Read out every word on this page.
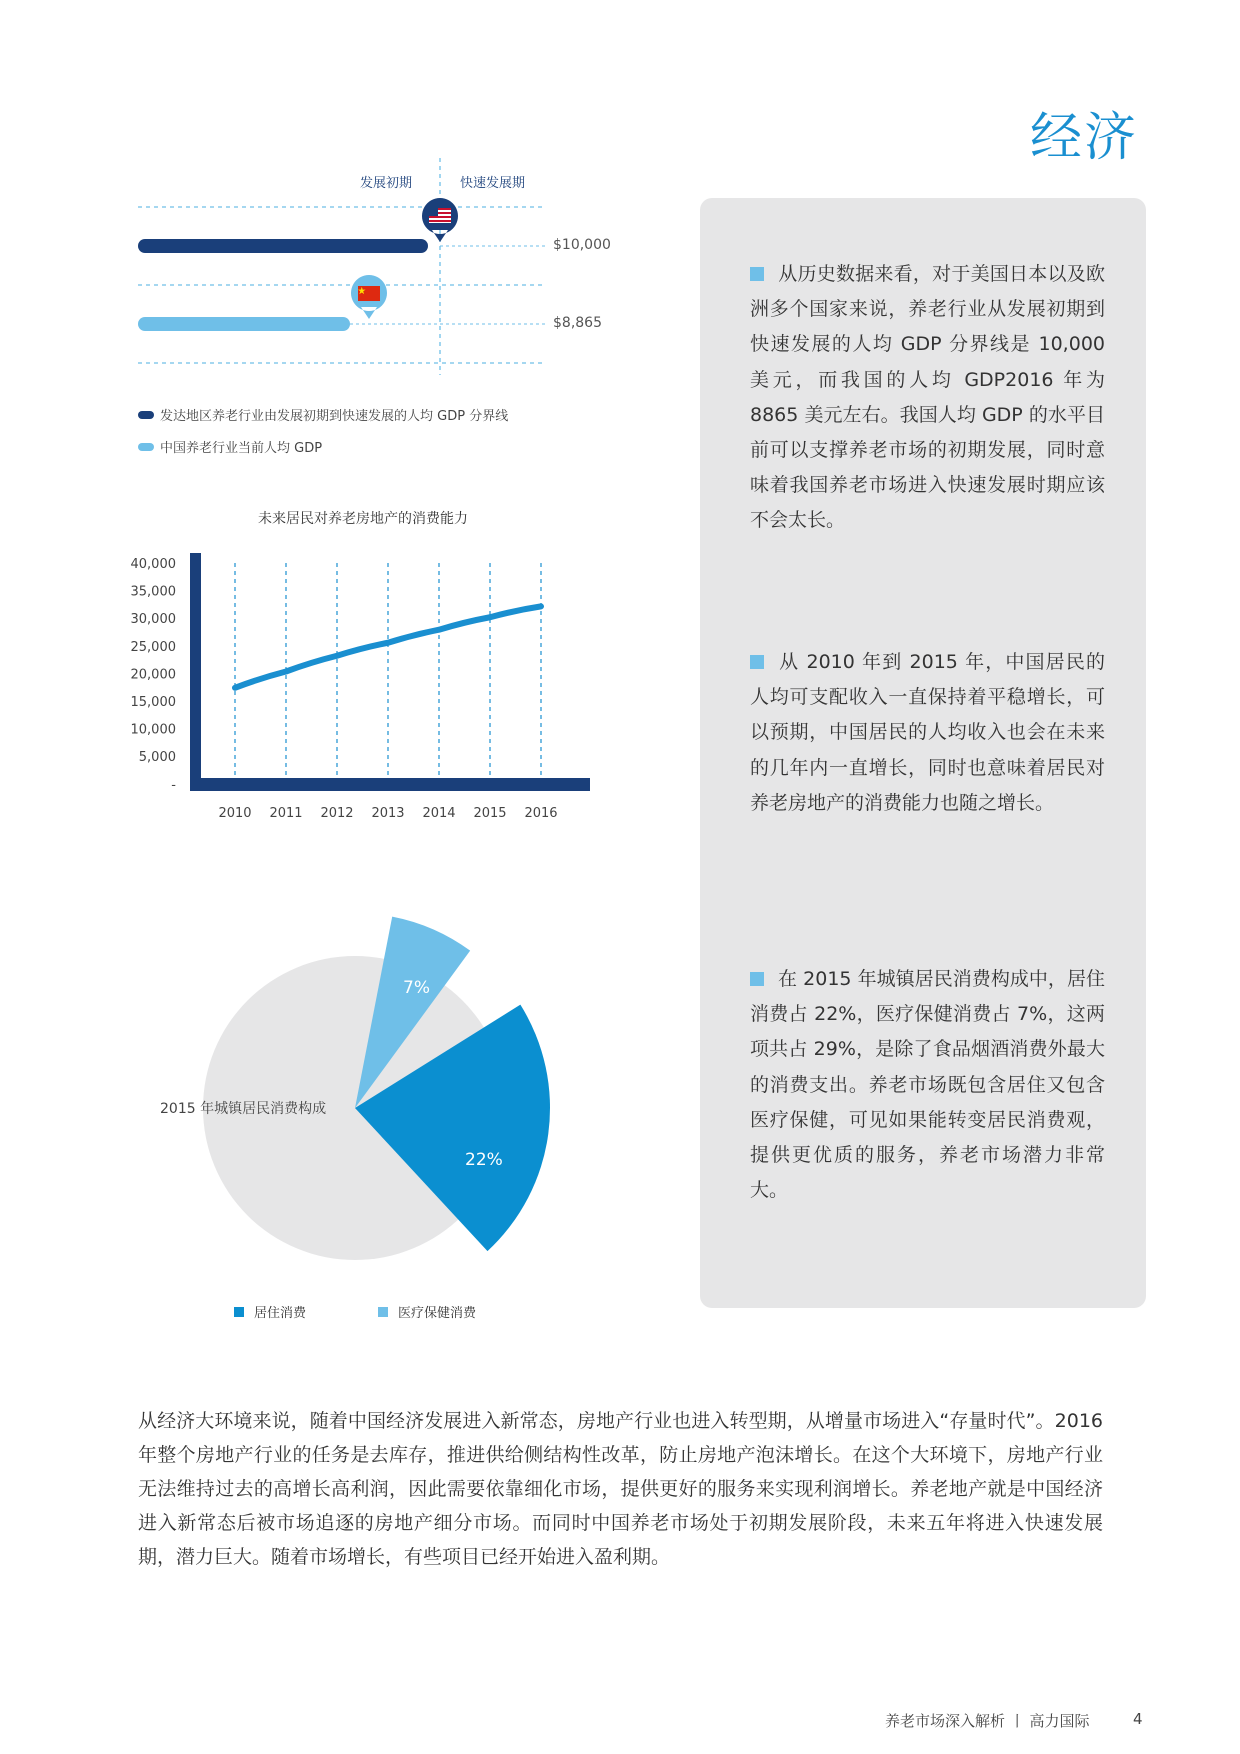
经济
发展初期	快速发展期
$10,000
$8,865
发达地区养老行业由发展初期到快速发展的人均 GDP 分界线
中国养老行业当前人均 GDP
未来居民对养老房地产的消费能力
40,000
35,000
30,000
25,000
20,000
15,000
10,000
5,000
-
2010 2011 2012 2013 2014 2015 2016
2015 年城镇居民消费构成
7%
22%
居住消费	医疗保健消费
从历史数据来看，对于美国日本以及欧洲多个国家来说，养老行业从发展初期到快速发展的人均 GDP 分界线是 10,000 美元，而我国的人均 GDP2016 年为 8865 美元左右。我国人均 GDP 的水平目前可以支撑养老市场的初期发展，同时意味着我国养老市场进入快速发展时期应该不会太长。
从 2010 年到 2015 年，中国居民的人均可支配收入一直保持着平稳增长，可以预期，中国居民的人均收入也会在未来的几年内一直增长，同时也意味着居民对养老房地产的消费能力也随之增长。
在 2015 年城镇居民消费构成中，居住消费占 22%，医疗保健消费占 7%，这两项共占 29%，是除了食品烟酒消费外最大的消费支出。养老市场既包含居住又包含医疗保健，可见如果能转变居民消费观，提供更优质的服务，养老市场潜力非常大。
从经济大环境来说，随着中国经济发展进入新常态，房地产行业也进入转型期，从增量市场进入“存量时代”。2016 年整个房地产行业的任务是去库存，推进供给侧结构性改革，防止房地产泡沫增长。在这个大环境下，房地产行业无法维持过去的高增长高利润，因此需要依靠细化市场，提供更好的服务来实现利润增长。养老地产就是中国经济进入新常态后被市场追逐的房地产细分市场。而同时中国养老市场处于初期发展阶段，未来五年将进入快速发展期，潜力巨大。随着市场增长，有些项目已经开始进入盈利期。
养老市场深入解析 丨 高力国际	4
